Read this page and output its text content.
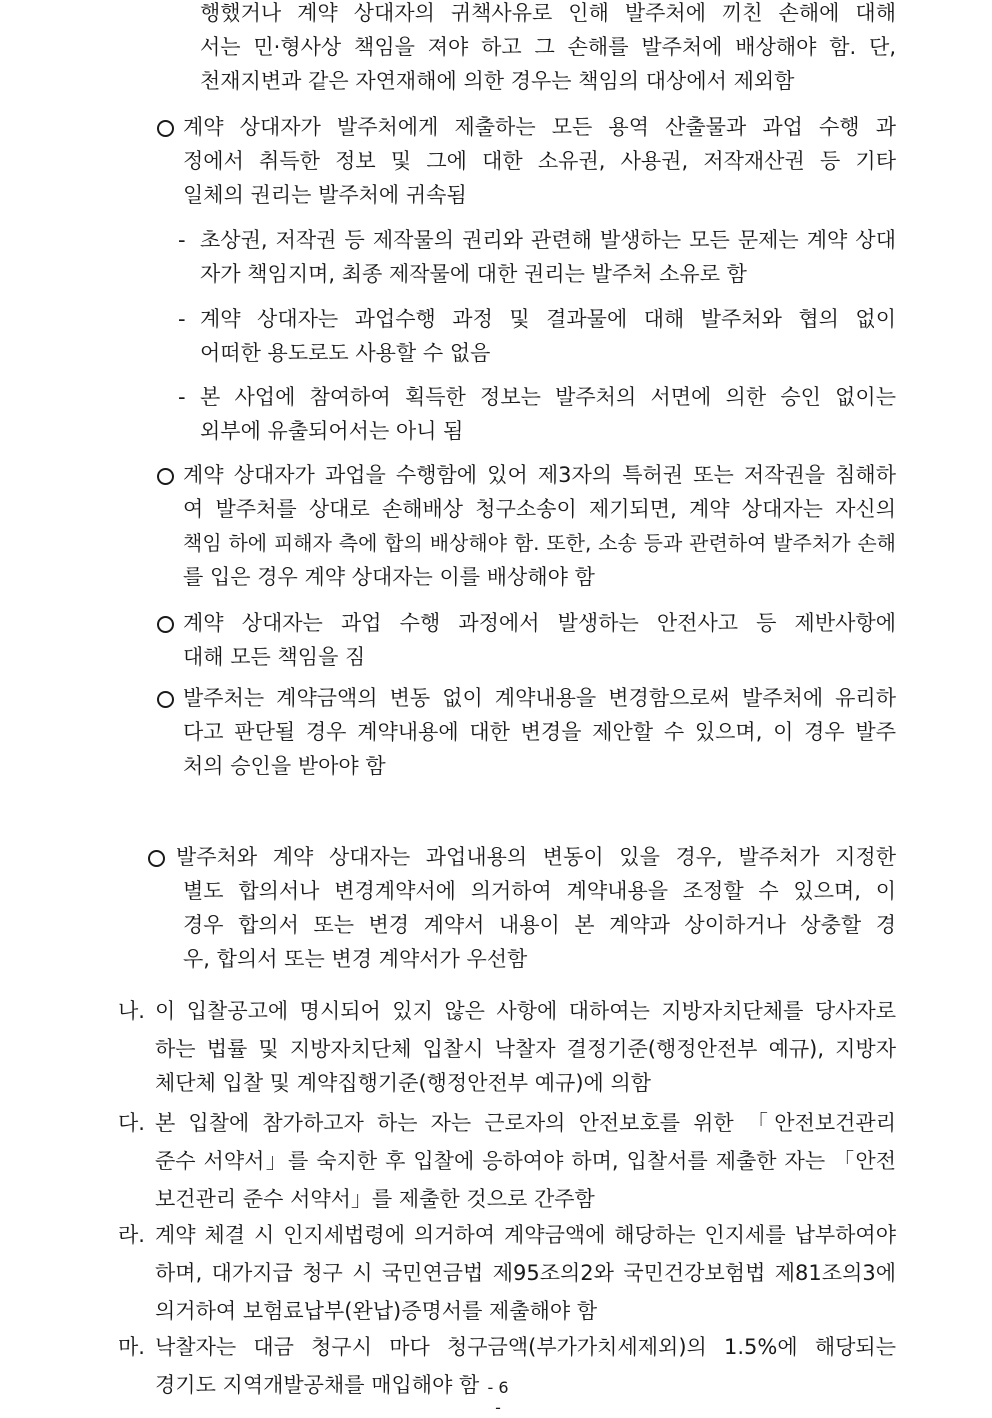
행했거나 계약 상대자의 귀책사유로 인해 발주처에 끼친 손해에 대해
서는 민·형사상 책임을 져야 하고 그 손해를 발주처에 배상해야 함. 단,
천재지변과 같은 자연재해에 의한 경우는 책임의 대상에서 제외함
계약 상대자가 발주처에게 제출하는 모든 용역 산출물과 과업 수행 과
정에서 취득한 정보 및 그에 대한 소유권, 사용권, 저작재산권 등 기타
일체의 권리는 발주처에 귀속됨
- 초상권, 저작권 등 제작물의 권리와 관련해 발생하는 모든 문제는 계약 상대
자가 책임지며, 최종 제작물에 대한 권리는 발주처 소유로 함
- 계약 상대자는 과업수행 과정 및 결과물에 대해 발주처와 협의 없이
어떠한 용도로도 사용할 수 없음
- 본 사업에 참여하여 획득한 정보는 발주처의 서면에 의한 승인 없이는
외부에 유출되어서는 아니 됨
계약 상대자가 과업을 수행함에 있어 제3자의 특허권 또는 저작권을 침해하
여 발주처를 상대로 손해배상 청구소송이 제기되면, 계약 상대자는 자신의
책임 하에 피해자 측에 합의 배상해야 함. 또한, 소송 등과 관련하여 발주처가 손해
를 입은 경우 계약 상대자는 이를 배상해야 함
계약 상대자는 과업 수행 과정에서 발생하는 안전사고 등 제반사항에
대해 모든 책임을 짐
발주처는 계약금액의 변동 없이 계약내용을 변경함으로써 발주처에 유리하
다고 판단될 경우 계약내용에 대한 변경을 제안할 수 있으며, 이 경우 발주
처의 승인을 받아야 함
발주처와 계약 상대자는 과업내용의 변동이 있을 경우, 발주처가 지정한
별도 합의서나 변경계약서에 의거하여 계약내용을 조정할 수 있으며, 이
경우 합의서 또는 변경 계약서 내용이 본 계약과 상이하거나 상충할 경
우, 합의서 또는 변경 계약서가 우선함
나. 이 입찰공고에 명시되어 있지 않은 사항에 대하여는 지방자치단체를 당사자로
하는 법률 및 지방자치단체 입찰시 낙찰자 결정기준(행정안전부 예규), 지방자
체단체 입찰 및 계약집행기준(행정안전부 예규)에 의함
다. 본 입찰에 참가하고자 하는 자는 근로자의 안전보호를 위한 「안전보건관리
준수 서약서」를 숙지한 후 입찰에 응하여야 하며, 입찰서를 제출한 자는 「안전
보건관리 준수 서약서」를 제출한 것으로 간주함
라. 계약 체결 시 인지세법령에 의거하여 계약금액에 해당하는 인지세를 납부하여야
하며, 대가지급 청구 시 국민연금법 제95조의2와 국민건강보험법 제81조의3에
의거하여 보험료납부(완납)증명서를 제출해야 함
마. 낙찰자는 대금 청구시 마다 청구금액(부가가치세제외)의 1.5%에 해당되는
경기도 지역개발공채를 매입해야 함 - 6 -
